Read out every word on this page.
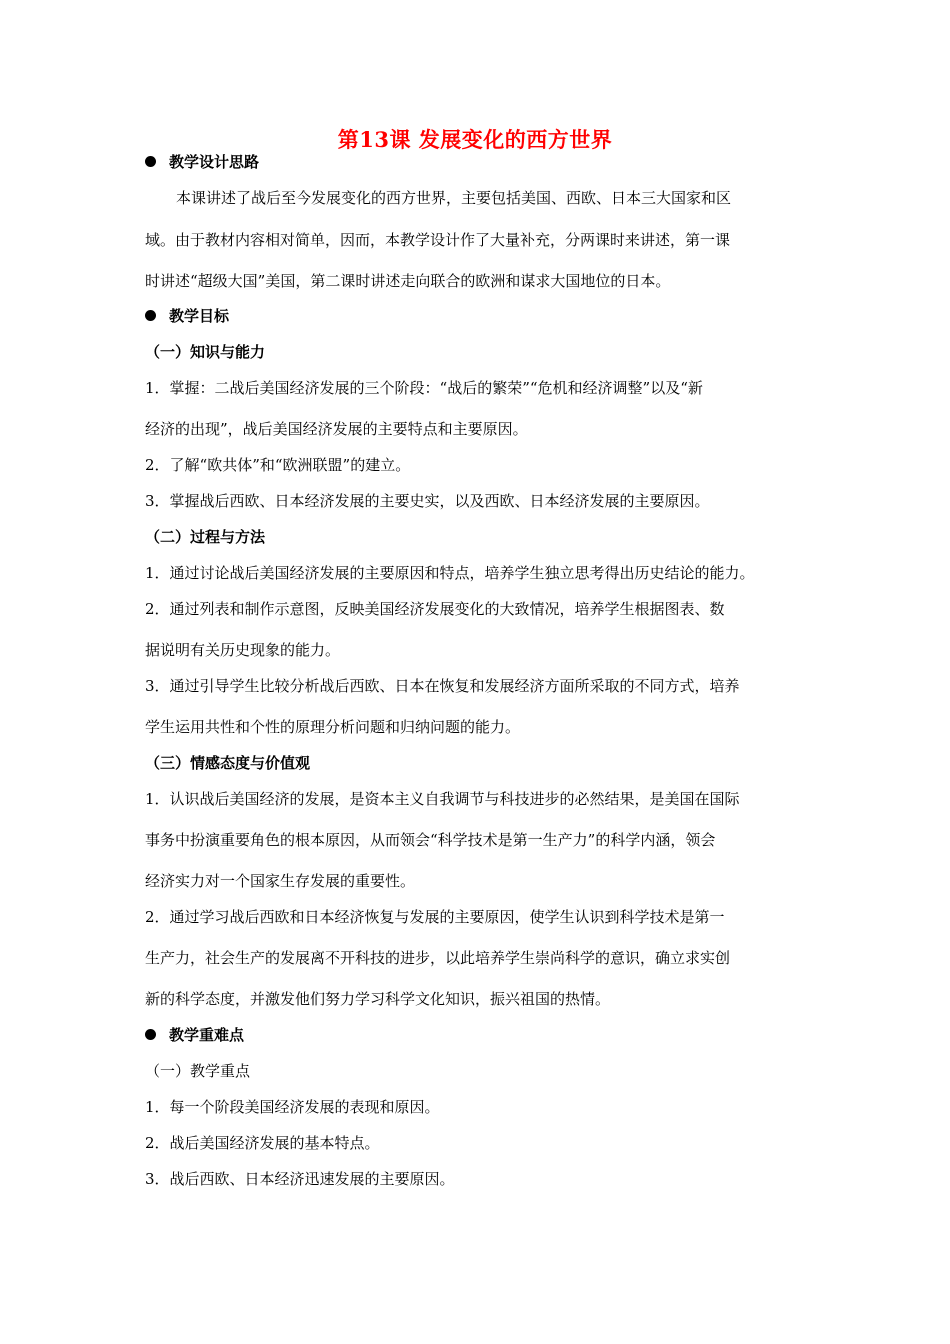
第13课 发展变化的西方世界
教学设计思路
本课讲述了战后至今发展变化的西方世界，主要包括美国、西欧、日本三大国家和区
域。由于教材内容相对简单，因而，本教学设计作了大量补充，分两课时来讲述，第一课
时讲述“超级大国”美国，第二课时讲述走向联合的欧洲和谋求大国地位的日本。
教学目标
（一）知识与能力
1．掌握：二战后美国经济发展的三个阶段：“战后的繁荣”“危机和经济调整”以及“新
经济的出现”，战后美国经济发展的主要特点和主要原因。
2．了解“欧共体”和“欧洲联盟”的建立。
3．掌握战后西欧、日本经济发展的主要史实，以及西欧、日本经济发展的主要原因。
（二）过程与方法
1．通过讨论战后美国经济发展的主要原因和特点，培养学生独立思考得出历史结论的能力。
2．通过列表和制作示意图，反映美国经济发展变化的大致情况，培养学生根据图表、数
据说明有关历史现象的能力。
3．通过引导学生比较分析战后西欧、日本在恢复和发展经济方面所采取的不同方式，培养
学生运用共性和个性的原理分析问题和归纳问题的能力。
（三）情感态度与价值观
1．认识战后美国经济的发展，是资本主义自我调节与科技进步的必然结果，是美国在国际
事务中扮演重要角色的根本原因，从而领会“科学技术是第一生产力”的科学内涵，领会
经济实力对一个国家生存发展的重要性。
2．通过学习战后西欧和日本经济恢复与发展的主要原因，使学生认识到科学技术是第一
生产力，社会生产的发展离不开科技的进步，以此培养学生崇尚科学的意识，确立求实创
新的科学态度，并激发他们努力学习科学文化知识，振兴祖国的热情。
教学重难点
（一）教学重点
1．每一个阶段美国经济发展的表现和原因。
2．战后美国经济发展的基本特点。
3．战后西欧、日本经济迅速发展的主要原因。
